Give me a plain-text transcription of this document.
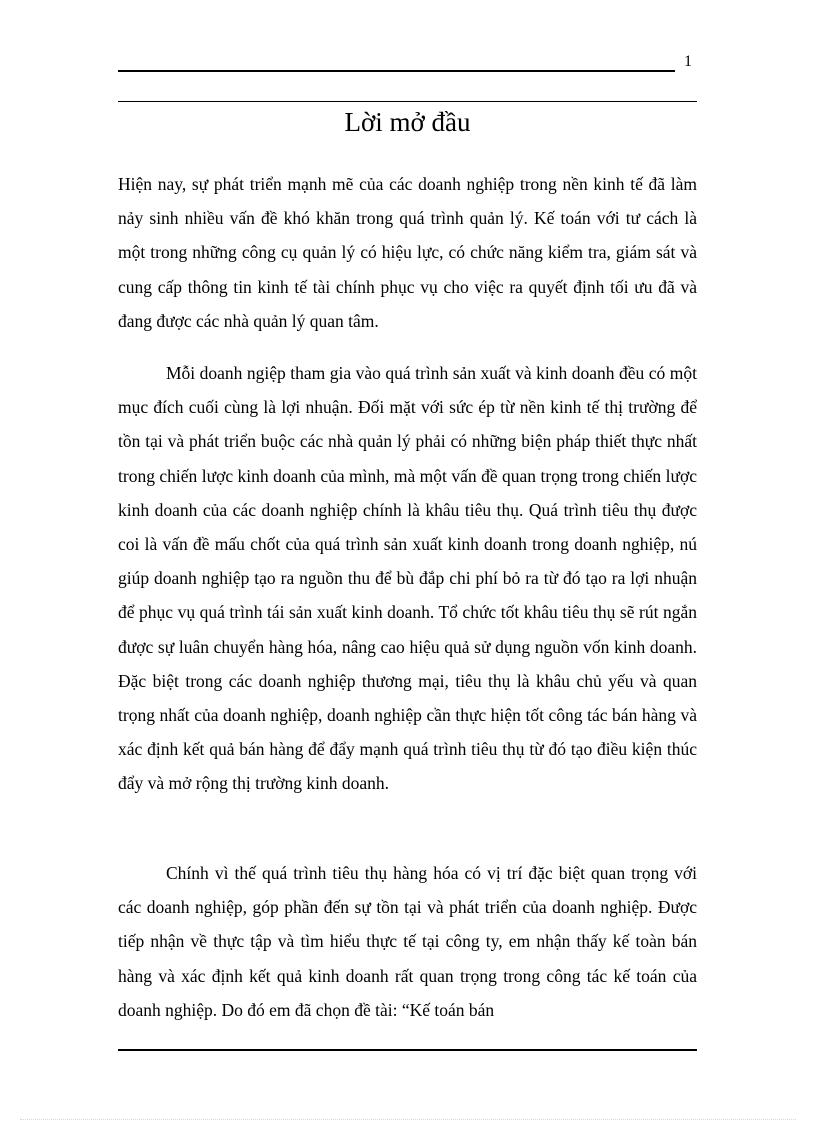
1
Lời mở đầu

Hiện nay, sự phát triển mạnh mẽ của các doanh nghiệp trong nền kinh tế đã làm nảy sinh nhiều vấn đề khó khăn trong quá trình quản lý. Kế toán với tư cách là một trong những công cụ quản lý có hiệu lực, có chức năng kiểm tra, giám sát và cung cấp thông tin kinh tế tài chính phục vụ cho việc ra quyết định tối ưu đã và đang được các nhà quản lý quan tâm.

Mỗi doanh ngiệp tham gia vào quá trình sản xuất và kinh doanh đều có một mục đích cuối cùng là lợi nhuận. Đối mặt với sức ép từ nền kinh tế thị trường để tồn tại và phát triển buộc các nhà quản lý phải có những biện pháp thiết thực nhất trong chiến lược kinh doanh của mình, mà một vấn đề quan trọng trong chiến lược kinh doanh của các doanh nghiệp chính là khâu tiêu thụ. Quá trình tiêu thụ được coi là vấn đề mấu chốt của quá trình sản xuất kinh doanh trong doanh nghiệp, nú giúp doanh nghiệp tạo ra nguồn thu để bù đắp chi phí bỏ ra từ đó tạo ra lợi nhuận để phục vụ quá trình tái sản xuất kinh doanh. Tổ chức tốt khâu tiêu thụ sẽ rút ngắn được sự luân chuyển hàng hóa, nâng cao hiệu quả sử dụng nguồn vốn kinh doanh. Đặc biệt trong các doanh nghiệp thương mại, tiêu thụ là khâu chủ yếu và quan trọng nhất của doanh nghiệp, doanh nghiệp cần thực hiện tốt công tác bán hàng và xác định kết quả bán hàng để đẩy mạnh quá trình tiêu thụ từ đó tạo điều kiện thúc đẩy và mở rộng thị trường kinh doanh.

Chính vì thế quá trình tiêu thụ hàng hóa có vị trí đặc biệt quan trọng với các doanh nghiệp, góp phần đến sự tồn tại và phát triển của doanh nghiệp. Được tiếp nhận về thực tập và tìm hiểu thực tế tại công ty, em nhận thấy kế toàn bán hàng và xác định kết quả kinh doanh rất quan trọng trong công tác kế toán của doanh nghiệp. Do đó em đã chọn đề tài: “Kế toán bán
